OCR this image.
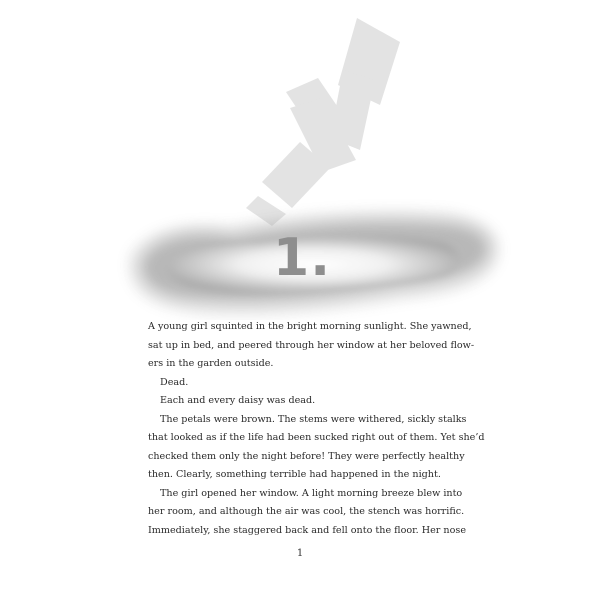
1.

A young girl squinted in the bright morning sunlight. She yawned,
sat up in bed, and peered through her window at her beloved flow-
ers in the garden outside.

Dead.

Each and every daisy was dead.

The petals were brown. The stems were withered, sickly stalks
that looked as if the life had been sucked right out of them. Yet she’d
checked them only the night before! They were perfectly healthy
then. Clearly, something terrible had happened in the night.

The girl opened her window. A light morning breeze blew into
her room, and although the air was cool, the stench was horrific.
Immediately, she staggered back and fell onto the floor. Her nose

1
